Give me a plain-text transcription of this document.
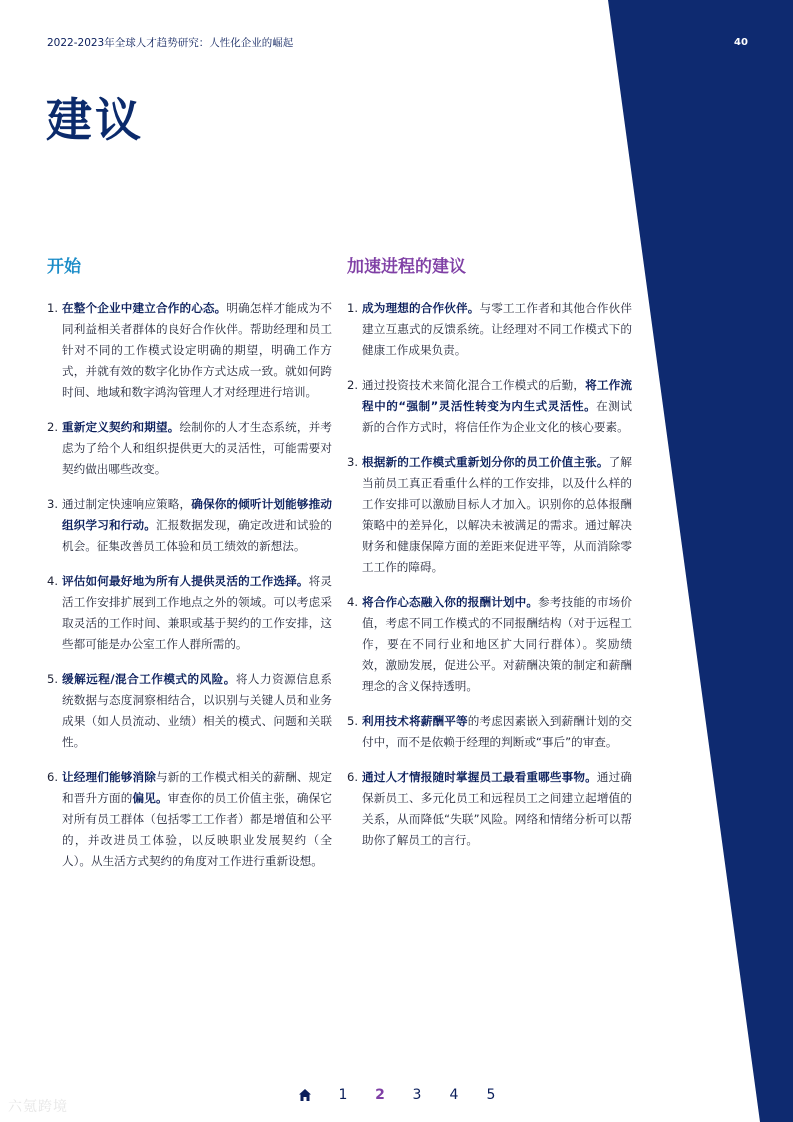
2022-2023年全球人才趋势研究：人性化企业的崛起	40
建议
开始
1. 在整个企业中建立合作的心态。明确怎样才能成为不同利益相关者群体的良好合作伙伴。帮助经理和员工针对不同的工作模式设定明确的期望，明确工作方式，并就有效的数字化协作方式达成一致。就如何跨时间、地域和数字鸿沟管理人才对经理进行培训。
2. 重新定义契约和期望。绘制你的人才生态系统，并考虑为了给个人和组织提供更大的灵活性，可能需要对契约做出哪些改变。
3. 通过制定快速响应策略，确保你的倾听计划能够推动组织学习和行动。汇报数据发现，确定改进和试验的机会。征集改善员工体验和员工绩效的新想法。
4. 评估如何最好地为所有人提供灵活的工作选择。将灵活工作安排扩展到工作地点之外的领域。可以考虑采取灵活的工作时间、兼职或基于契约的工作安排，这些都可能是办公室工作人群所需的。
5. 缓解远程/混合工作模式的风险。将人力资源信息系统数据与态度洞察相结合，以识别与关键人员和业务成果（如人员流动、业绩）相关的模式、问题和关联性。
6. 让经理们能够消除与新的工作模式相关的薪酬、规定和晋升方面的偏见。审查你的员工价值主张，确保它对所有员工群体（包括零工工作者）都是增值和公平的，并改进员工体验，以反映职业发展契约（全人）。从生活方式契约的角度对工作进行重新设想。
加速进程的建议
1. 成为理想的合作伙伴。与零工工作者和其他合作伙伴建立互惠式的反馈系统。让经理对不同工作模式下的健康工作成果负责。
2. 通过投资技术来简化混合工作模式的后勤，将工作流程中的“强制”灵活性转变为内生式灵活性。在测试新的合作方式时，将信任作为企业文化的核心要素。
3. 根据新的工作模式重新划分你的员工价值主张。了解当前员工真正看重什么样的工作安排，以及什么样的工作安排可以激励目标人才加入。识别你的总体报酬策略中的差异化，以解决未被满足的需求。通过解决财务和健康保障方面的差距来促进平等，从而消除零工工作的障碍。
4. 将合作心态融入你的报酬计划中。参考技能的市场价值，考虑不同工作模式的不同报酬结构（对于远程工作，要在不同行业和地区扩大同行群体）。奖励绩效，激励发展，促进公平。对薪酬决策的制定和薪酬理念的含义保持透明。
5. 利用技术将薪酬平等的考虑因素嵌入到薪酬计划的交付中，而不是依赖于经理的判断或“事后”的审查。
6. 通过人才情报随时掌握员工最看重哪些事物。通过确保新员工、多元化员工和远程员工之间建立起增值的关系，从而降低“失联”风险。网络和情绪分析可以帮助你了解员工的言行。
1 2 3 4 5
六氪跨境
